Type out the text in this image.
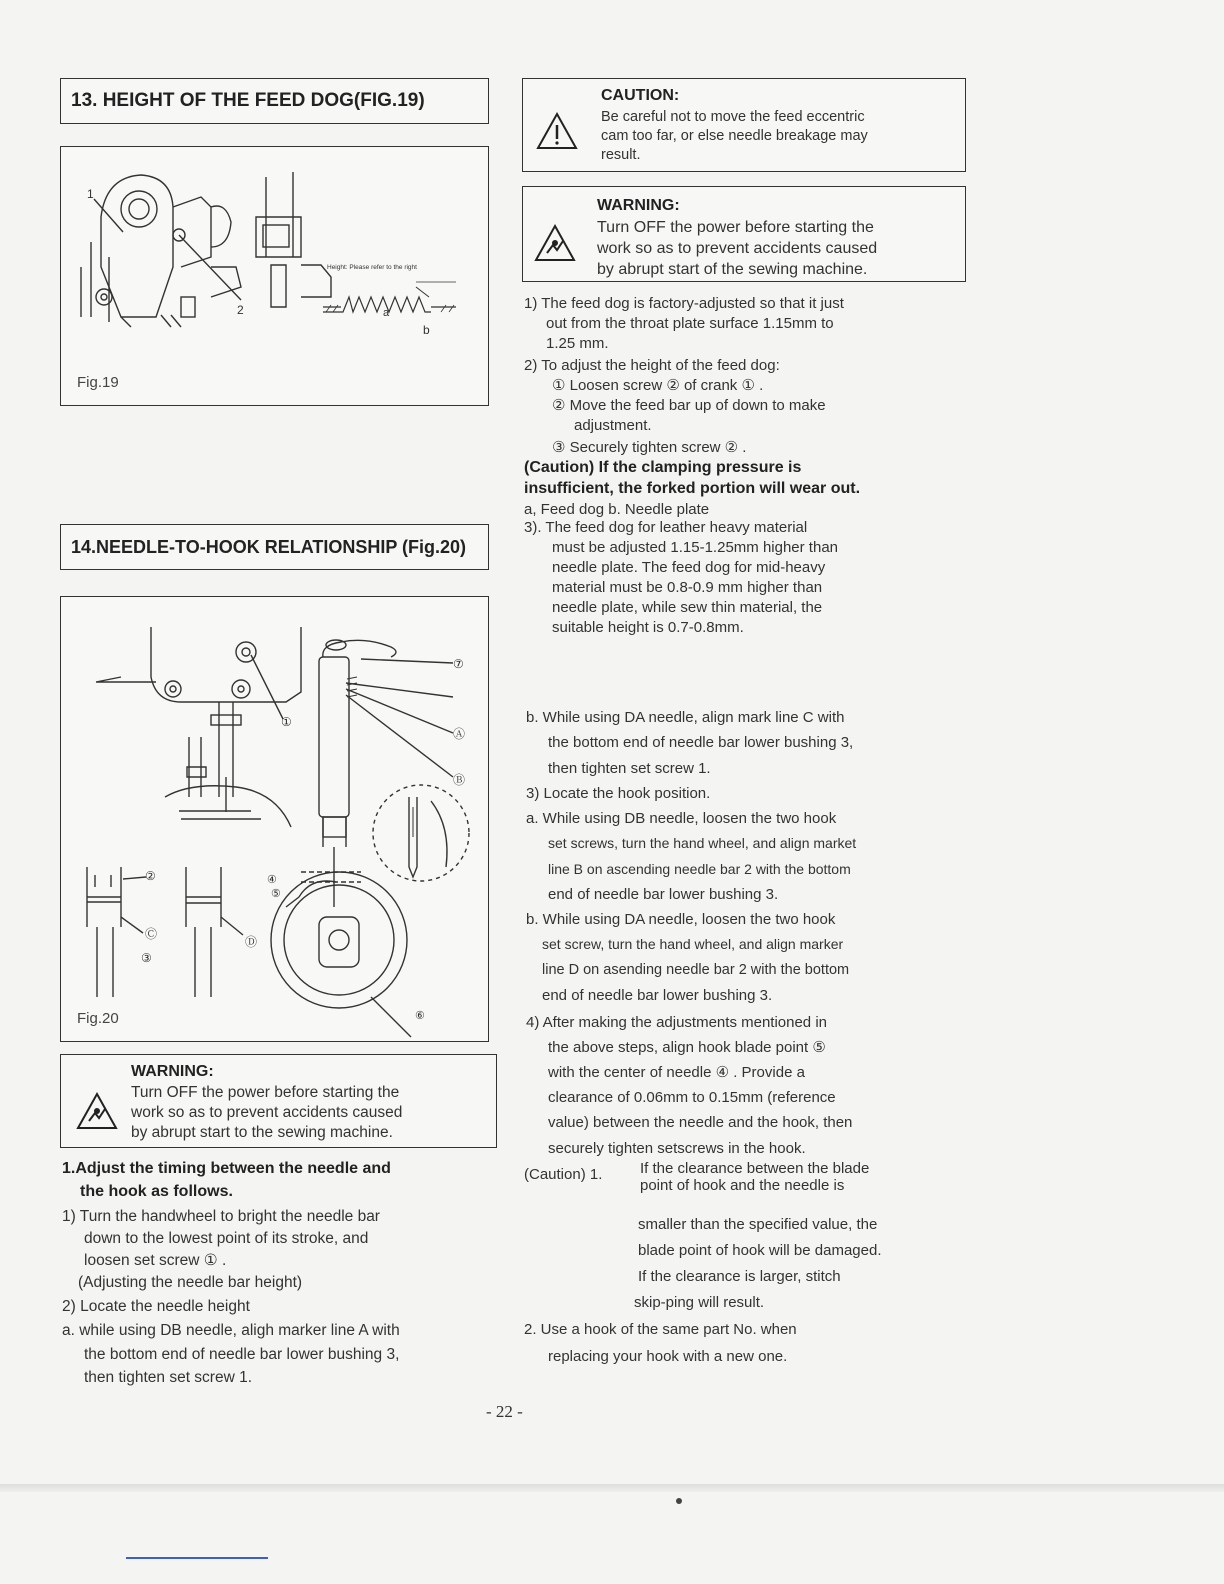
13. HEIGHT OF THE FEED DOG(FIG.19)
1
2	a
b
Height: Please refer to the right
Fig.19
CAUTION:
Be careful not to move the feed eccentric
cam too far, or else needle breakage may
result.
WARNING:
Turn OFF the power before starting the
work so as to prevent accidents caused
by abrupt start of the sewing machine.
1) The feed dog is factory-adjusted so that it just
out from the throat plate surface 1.15mm to
1.25 mm.
2) To adjust the height of the feed dog:
① Loosen screw ② of crank ① .
② Move the feed bar up of down to make
adjustment.
③ Securely tighten screw ② .
(Caution) If the clamping pressure is
insufficient, the forked portion will wear out.
a, Feed dog b. Needle plate
3). The feed dog for leather heavy material
must be adjusted 1.15-1.25mm higher than
needle plate. The feed dog for mid-heavy
material must be 0.8-0.9 mm higher than
needle plate, while sew thin material, the
suitable height is 0.7-0.8mm.
14.NEEDLE-TO-HOOK RELATIONSHIP (Fig.20)
①
②
③
④
⑤
⑥
⑦
Ⓐ
Ⓑ
Ⓒ
Ⓓ
Fig.20
WARNING:
Turn OFF the power before starting the
work so as to prevent accidents caused
by abrupt start to the sewing machine.
1.Adjust the timing between the needle and
the hook as follows.
1) Turn the handwheel to bright the needle bar
down to the lowest point of its stroke, and
loosen set screw ① .
(Adjusting the needle bar height)
2) Locate the needle height
a. while using DB needle, aligh marker line A with
the bottom end of needle bar lower bushing 3,
then tighten set screw 1.
b. While using DA needle, align mark line C with
the bottom end of needle bar lower bushing 3,
then tighten set screw 1.
3) Locate the hook position.
a. While using DB needle, loosen the two hook
set screws, turn the hand wheel, and align market
line B on ascending needle bar 2 with the bottom
end of needle bar lower bushing 3.
b. While using DA needle, loosen the two hook
set screw, turn the hand wheel, and align marker
line D on asending needle bar 2 with the bottom
end of needle bar lower bushing 3.
4) After making the adjustments mentioned in
the above steps, align hook blade point ⑤
with the center of needle ④ . Provide a
clearance of 0.06mm to 0.15mm (reference
value) between the needle and the hook, then
securely tighten setscrews in the hook.
(Caution) 1.	If the clearance between the blade
point of hook and the needle is
smaller than the specified value, the
blade point of hook will be damaged.
If the clearance is larger, stitch
skip-ping will result.
2. Use a hook of the same part No. when
replacing your hook with a new one.
- 22 -
